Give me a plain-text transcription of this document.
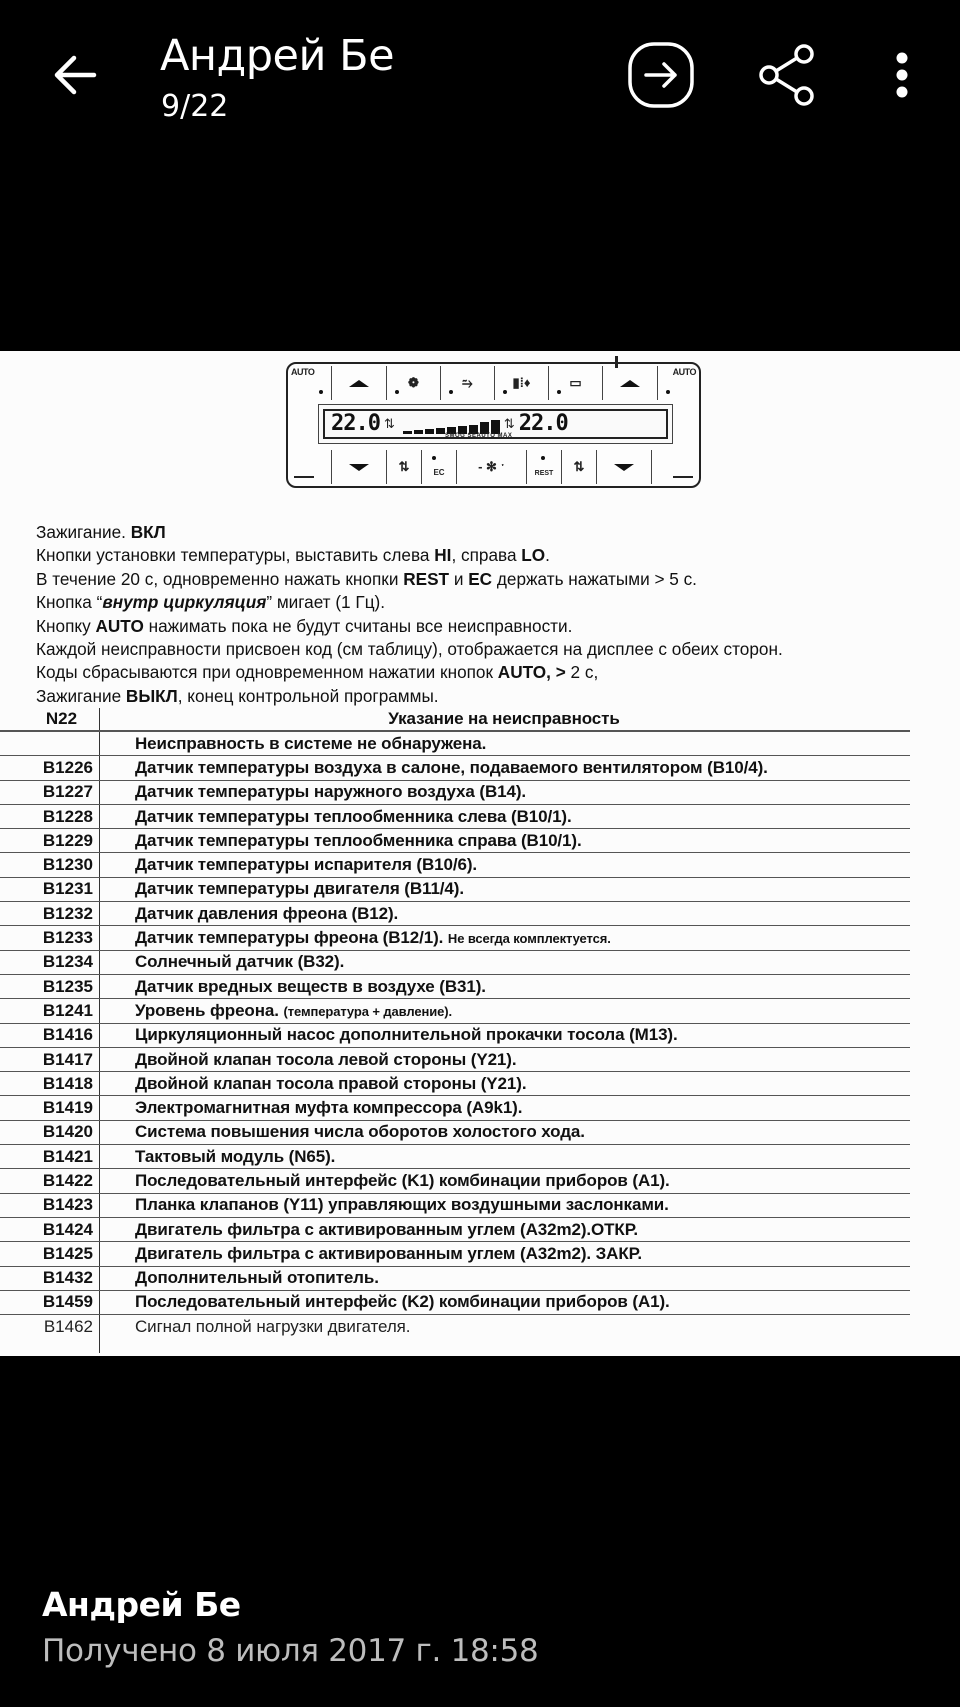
Андрей Бе
9/22
AUTO
❁	⥲	▮⁞♦	▭
AUTO
22.0 ⇅	⇅ 22.0
SMOG SEAUTO MAX
⇅	EC	- ✻ ˑ	REST ⇅

Зажигание. ВКЛ

Кнопки установки температуры, выставить слева HI, справа LO.

В течение 20 с, одновременно нажать кнопки REST и EC держать нажатыми > 5 с.

Кнопка “внутр циркуляция” мигает (1 Гц).

Кнопку AUTO нажимать пока не будут считаны все неисправности.

Каждой неисправности присвоен код (см таблицу), отображается на дисплее с обеих сторон.

Коды сбрасываются при одновременном нажатии кнопок AUTO, > 2 с,

Зажигание ВЫКЛ, конец контрольной программы.

N22	Указание на неисправность
Неисправность в системе не обнаружена.
B1226	Датчик температуры воздуха в салоне, подаваемого вентилятором (B10/4).
B1227	Датчик температуры наружного воздуха (B14).
B1228	Датчик температуры теплообменника слева (B10/1).
B1229	Датчик температуры теплообменника справа (B10/1).
B1230	Датчик температуры испарителя (B10/6).
B1231	Датчик температуры двигателя (B11/4).
B1232	Датчик давления фреона (B12).
B1233	Датчик температуры фреона (B12/1). Не всегда комплектуется.
B1234	Солнечный датчик (B32).
B1235	Датчик вредных веществ в воздухе (B31).
B1241	Уровень фреона. (температура + давление).
B1416	Циркуляционный насос дополнительной прокачки тосола (M13).
B1417	Двойной клапан тосола левой стороны (Y21).
B1418	Двойной клапан тосола правой стороны (Y21).
B1419	Электромагнитная муфта компрессора (A9k1).
B1420	Система повышения числа оборотов холостого хода.
B1421	Тактовый модуль (N65).
B1422	Последовательный интерфейс (K1) комбинации приборов (A1).
B1423	Планка клапанов (Y11) управляющих воздушными заслонками.
B1424	Двигатель фильтра с активированным углем (A32m2).ОТКР.
B1425	Двигатель фильтра с активированным углем (A32m2). ЗАКР.
B1432	Дополнительный отопитель.
B1459	Последовательный интерфейс (K2) комбинации приборов (A1).
B1462	Сигнал полной нагрузки двигателя.
Андрей Бе
Получено 8 июля 2017 г. 18:58
